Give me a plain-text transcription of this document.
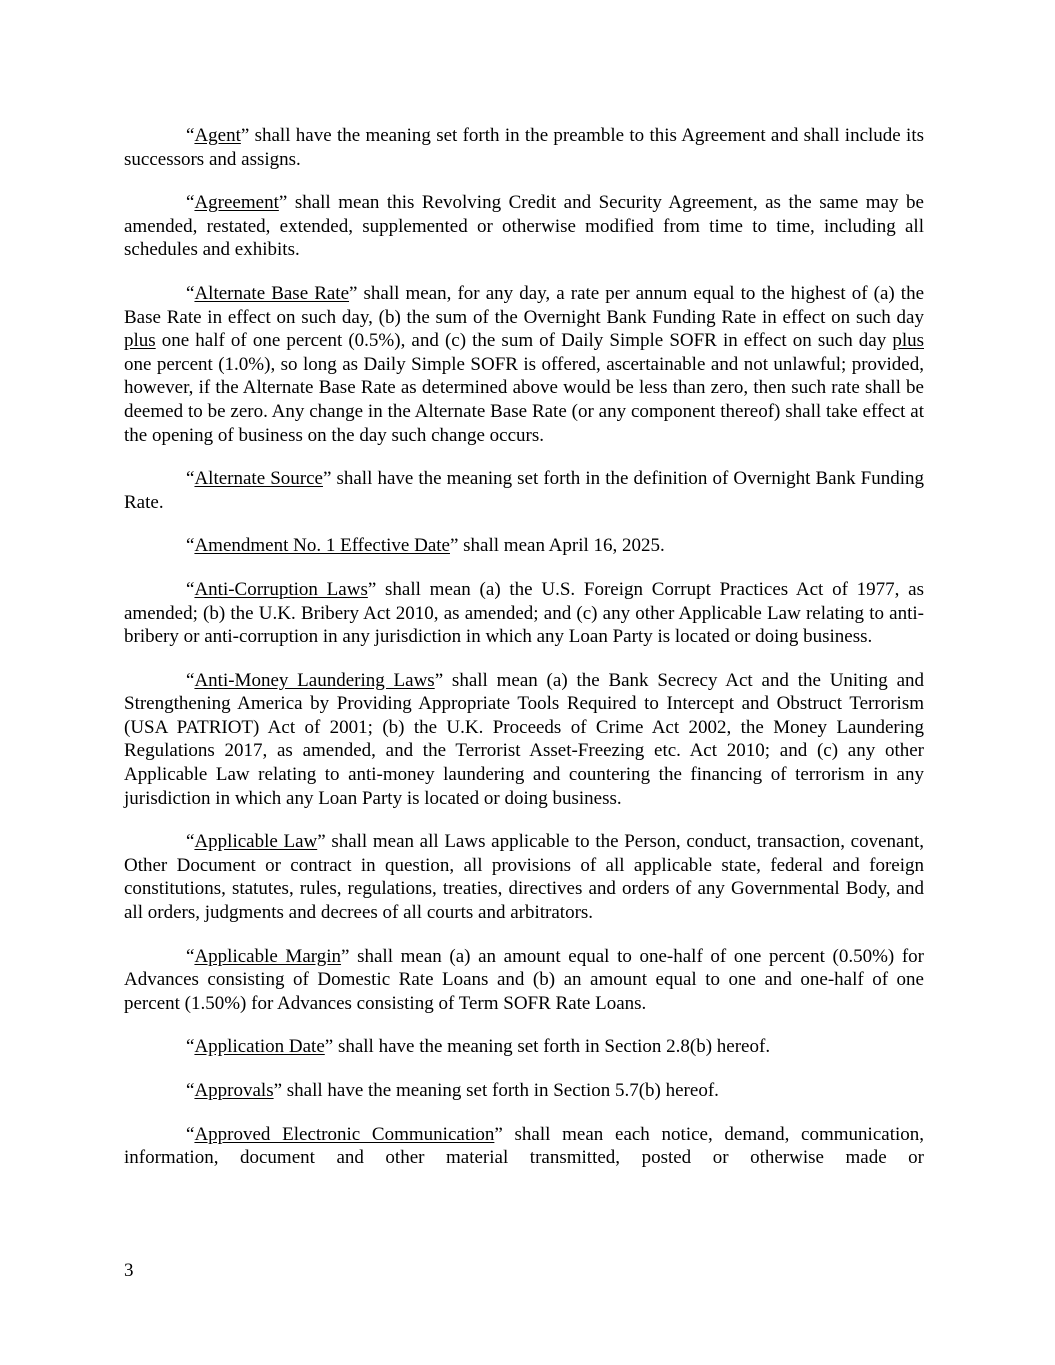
“Agent” shall have the meaning set forth in the preamble to this Agreement and shall include its successors and assigns.

“Agreement” shall mean this Revolving Credit and Security Agreement, as the same may be amended, restated, extended, supplemented or otherwise modified from time to time, including all schedules and exhibits.

“Alternate Base Rate” shall mean, for any day, a rate per annum equal to the highest of (a) the Base Rate in effect on such day, (b) the sum of the Overnight Bank Funding Rate in effect on such day plus one half of one percent (0.5%), and (c) the sum of Daily Simple SOFR in effect on such day plus one percent (1.0%), so long as Daily Simple SOFR is offered, ascertainable and not unlawful; provided, however, if the Alternate Base Rate as determined above would be less than zero, then such rate shall be deemed to be zero. Any change in the Alternate Base Rate (or any component thereof) shall take effect at the opening of business on the day such change occurs.

“Alternate Source” shall have the meaning set forth in the definition of Overnight Bank Funding Rate.

“Amendment No. 1 Effective Date” shall mean April 16, 2025.

“Anti-Corruption Laws” shall mean (a) the U.S. Foreign Corrupt Practices Act of 1977, as amended; (b) the U.K. Bribery Act 2010, as amended; and (c) any other Applicable Law relating to anti-bribery or anti-corruption in any jurisdiction in which any Loan Party is located or doing business.

“Anti-Money Laundering Laws” shall mean (a) the Bank Secrecy Act and the Uniting and Strengthening America by Providing Appropriate Tools Required to Intercept and Obstruct Terrorism (USA PATRIOT) Act of 2001; (b) the U.K. Proceeds of Crime Act 2002, the Money Laundering Regulations 2017, as amended, and the Terrorist Asset-Freezing etc. Act 2010; and (c) any other Applicable Law relating to anti-money laundering and countering the financing of terrorism in any jurisdiction in which any Loan Party is located or doing business.

“Applicable Law” shall mean all Laws applicable to the Person, conduct, transaction, covenant, Other Document or contract in question, all provisions of all applicable state, federal and foreign constitutions, statutes, rules, regulations, treaties, directives and orders of any Governmental Body, and all orders, judgments and decrees of all courts and arbitrators.

“Applicable Margin” shall mean (a) an amount equal to one-half of one percent (0.50%) for Advances consisting of Domestic Rate Loans and (b) an amount equal to one and one-half of one percent (1.50%) for Advances consisting of Term SOFR Rate Loans.

“Application Date” shall have the meaning set forth in Section 2.8(b) hereof.

“Approvals” shall have the meaning set forth in Section 5.7(b) hereof.

“Approved Electronic Communication” shall mean each notice, demand, communication, information, document and other material transmitted, posted or otherwise made or

3
